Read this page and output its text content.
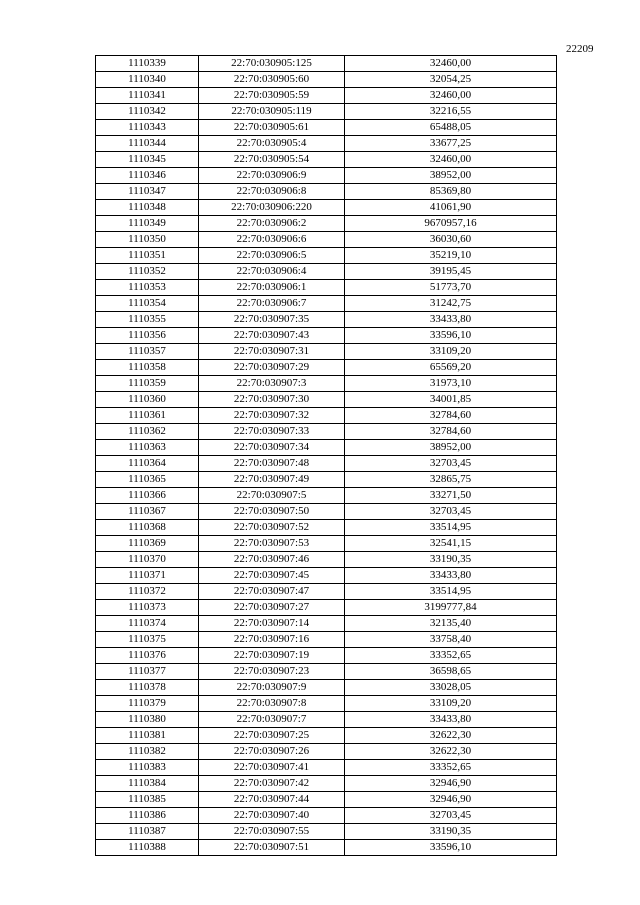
22209
1110339	22:70:030905:125	32460,00
1110340	22:70:030905:60	32054,25
1110341	22:70:030905:59	32460,00
1110342	22:70:030905:119	32216,55
1110343	22:70:030905:61	65488,05
1110344	22:70:030905:4	33677,25
1110345	22:70:030905:54	32460,00
1110346	22:70:030906:9	38952,00
1110347	22:70:030906:8	85369,80
1110348	22:70:030906:220	41061,90
1110349	22:70:030906:2	9670957,16
1110350	22:70:030906:6	36030,60
1110351	22:70:030906:5	35219,10
1110352	22:70:030906:4	39195,45
1110353	22:70:030906:1	51773,70
1110354	22:70:030906:7	31242,75
1110355	22:70:030907:35	33433,80
1110356	22:70:030907:43	33596,10
1110357	22:70:030907:31	33109,20
1110358	22:70:030907:29	65569,20
1110359	22:70:030907:3	31973,10
1110360	22:70:030907:30	34001,85
1110361	22:70:030907:32	32784,60
1110362	22:70:030907:33	32784,60
1110363	22:70:030907:34	38952,00
1110364	22:70:030907:48	32703,45
1110365	22:70:030907:49	32865,75
1110366	22:70:030907:5	33271,50
1110367	22:70:030907:50	32703,45
1110368	22:70:030907:52	33514,95
1110369	22:70:030907:53	32541,15
1110370	22:70:030907:46	33190,35
1110371	22:70:030907:45	33433,80
1110372	22:70:030907:47	33514,95
1110373	22:70:030907:27	3199777,84
1110374	22:70:030907:14	32135,40
1110375	22:70:030907:16	33758,40
1110376	22:70:030907:19	33352,65
1110377	22:70:030907:23	36598,65
1110378	22:70:030907:9	33028,05
1110379	22:70:030907:8	33109,20
1110380	22:70:030907:7	33433,80
1110381	22:70:030907:25	32622,30
1110382	22:70:030907:26	32622,30
1110383	22:70:030907:41	33352,65
1110384	22:70:030907:42	32946,90
1110385	22:70:030907:44	32946,90
1110386	22:70:030907:40	32703,45
1110387	22:70:030907:55	33190,35
1110388	22:70:030907:51	33596,10
